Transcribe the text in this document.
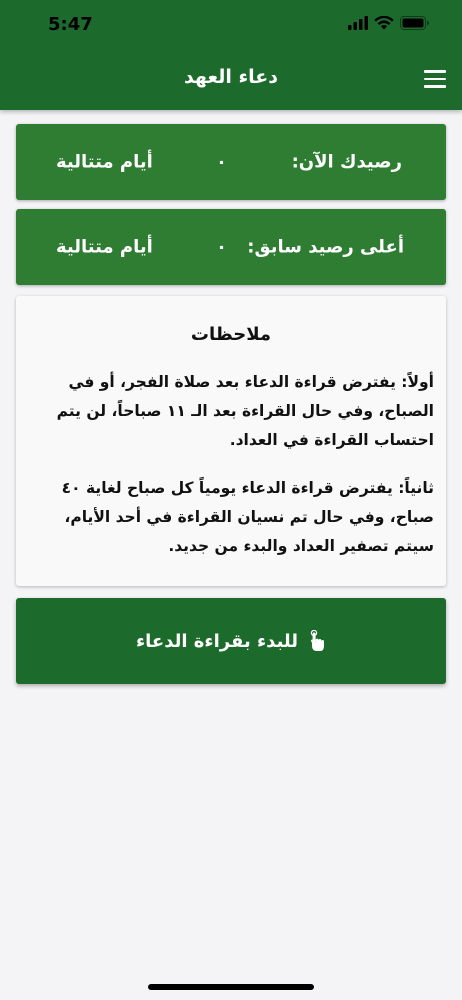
5:47
دعاء العهد
رصيدك الآن:
٠
أيام متتالية
أعلى رصيد سابق:
٠
أيام متتالية
ملاحظات
أولاً: يفترض قراءة الدعاء بعد صلاة الفجر، أو في الصباح، وفي حال القراءة بعد الـ ١١ صباحاً، لن يتم احتساب القراءة في العداد.
ثانياً: يفترض قراءة الدعاء يومياً كل صباح لغاية ٤٠ صباح، وفي حال تم نسيان القراءة في أحد الأيام، سيتم تصفير العداد والبدء من جديد.
للبدء بقراءة الدعاء
